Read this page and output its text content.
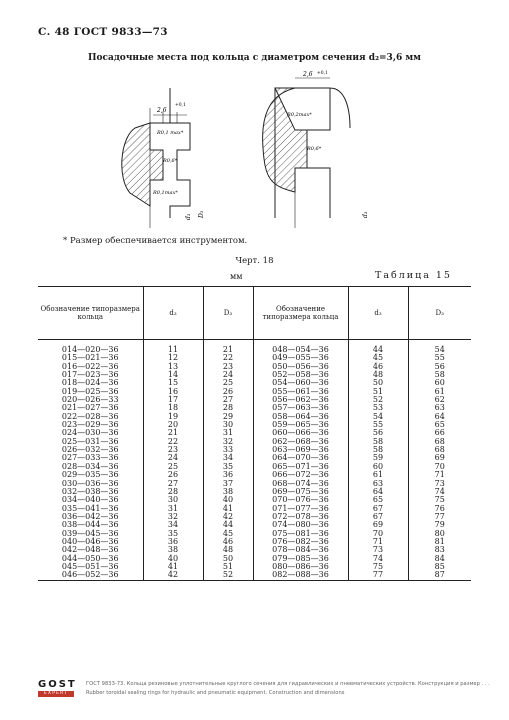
С. 48 ГОСТ 9833—73
Посадочные места под кольца с диаметром сечения d₂=3,6 мм
2,6
+0,1
R0,1 max*
R0,6*
R0,1max*
d₃ D₃
2,6 +0,1
R0,2max*
R0,6*
d₃
* Размер обеспечивается инструментом.
Черт. 18
мм	Таблица 15
Обозначение типоразмера кольца	d₃	D₃	Обозначение типоразмера кольца	d₃	D₃
014—020—36	11	21	048—054—36	44	54
015—021—36	12	22	049—055—36	45	55
016—022—36	13	23	050—056—36	46	56
017—023—36	14	24	052—058—36	48	58
018—024—36	15	25	054—060—36	50	60
019—025—36	16	26	055—061—36	51	61
020—026—33	17	27	056—062—36	52	62
021—027—36	18	28	057—063—36	53	63
022—028—36	19	29	058—064—36	54	64
023—029—36	20	30	059—065—36	55	65
024—030—36	21	31	060—066—36	56	66
025—031—36	22	32	062—068—36	58	68
026—032—36	23	33	063—069—36	58	68
027—033—36	24	34	064—070—36	59	69
028—034—36	25	35	065—071—36	60	70
029—035—36	26	36	066—072—36	61	71
030—036—36	27	37	068—074—36	63	73
032—038—36	28	38	069—075—36	64	74
034—040—36	30	40	070—076—36	65	75
035—041—36	31	41	071—077—36	67	76
036—042—36	32	42	072—078—36	67	77
038—044—36	34	44	074—080—36	69	79
039—045—36	35	45	075—081—36	70	80
040—046—36	36	46	076—082—36	71	81
042—048—36	38	48	078—084—36	73	83
044—050—36	40	50	079—085—36	74	84
045—051—36	41	51	080—086—36	75	85
046—052—36	42	52	082—088—36	77	87
GOST
EXPERT
ГОСТ 9833-73. Кольца резиновые уплотнительные круглого сечения для гидравлических и пневматических устройств. Конструкция и размер . . .
Rubber toroidal sealing rings for hydraulic and pneumatic equipment. Construction and dimensions
